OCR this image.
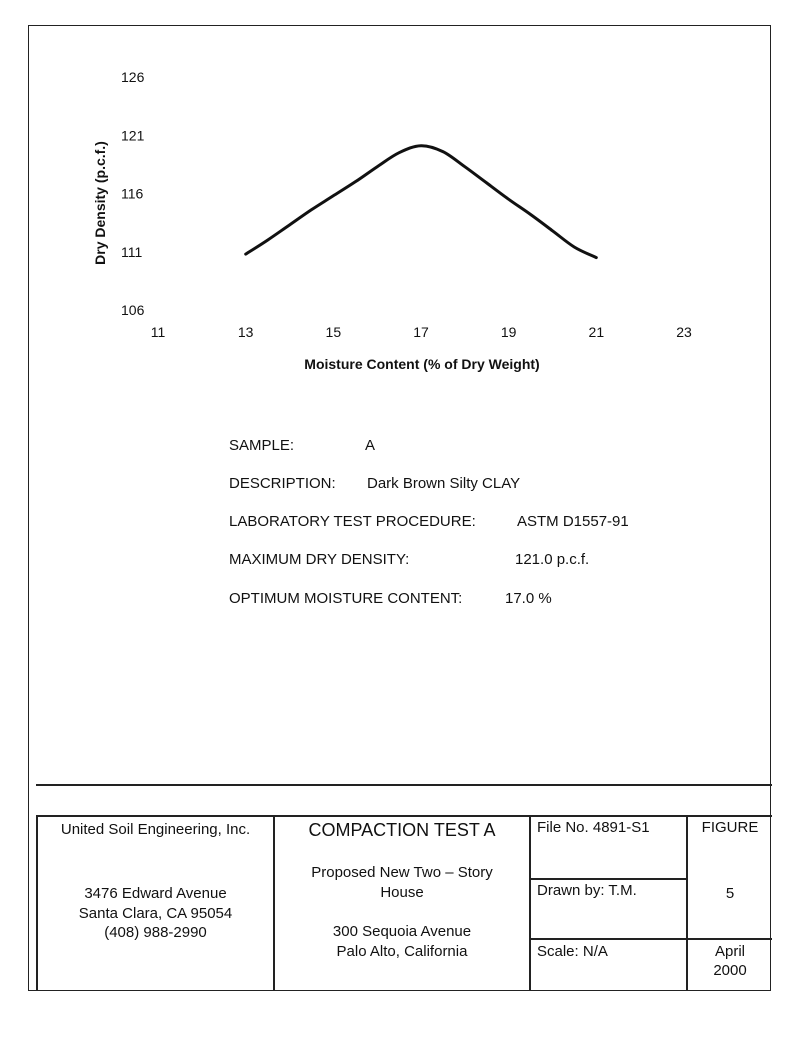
106
111
116
121
126
11	13	15	17	19	21	23
Moisture Content (% of Dry Weight)
Dry Density (p.c.f.)
SAMPLE:	A
DESCRIPTION: Dark Brown Silty CLAY
LABORATORY TEST PROCEDURE:	ASTM D1557-91
MAXIMUM DRY DENSITY:	121.0 p.c.f.
OPTIMUM MOISTURE CONTENT:	17.0 %
United Soil Engineering, Inc.
3476 Edward Avenue
Santa Clara, CA 95054
(408) 988-2990
COMPACTION TEST A
Proposed New Two – Story
House
300 Sequoia Avenue
Palo Alto, California
File No. 4891-S1
Drawn by: T.M.
Scale: N/A
FIGURE
5
April
2000
